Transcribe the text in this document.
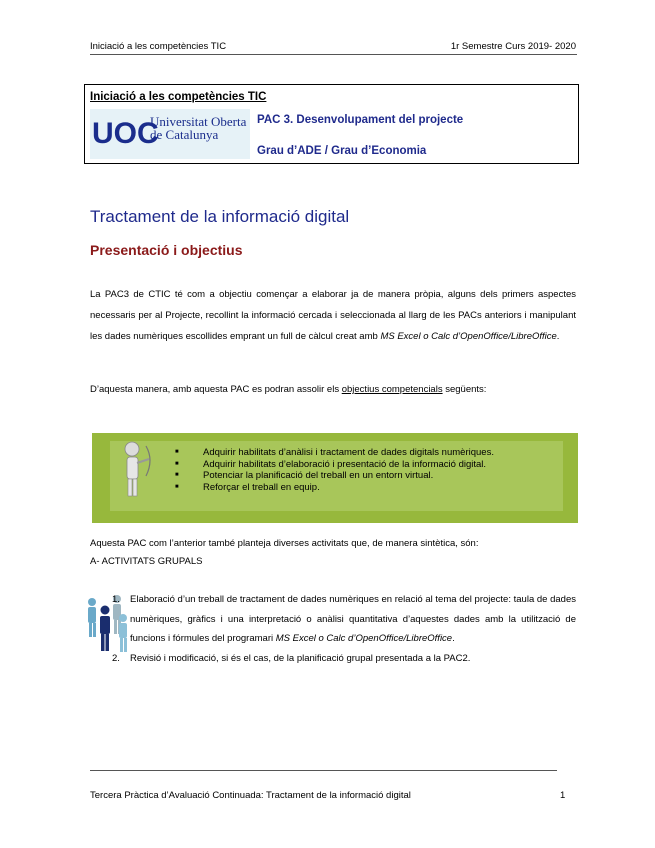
Iniciació a les competències TIC	1r Semestre Curs 2019- 2020
Iniciació a les competències TIC
UOC
Universitat Oberta
de Catalunya
PAC 3. Desenvolupament del projecte
Grau d’ADE / Grau d’Economia
Tractament de la informació digital
Presentació i objectius
La PAC3 de CTIC té com a objectiu començar a elaborar ja de manera pròpia, alguns dels primers aspectes necessaris per al Projecte, recollint la informació cercada i seleccionada al llarg de les PACs anteriors i manipulant les dades numèriques escollides emprant un full de càlcul creat amb MS Excel o Calc d’OpenOffice/LibreOffice.
D’aquesta manera, amb aquesta PAC es podran assolir els objectius competencials següents:
■ Adquirir habilitats d’anàlisi i tractament de dades digitals numèriques.
■ Adquirir habilitats d’elaboració i presentació de la informació digital.
■ Potenciar la planificació del treball en un entorn virtual.
■ Reforçar el treball en equip.
Aquesta PAC com l’anterior també planteja diverses activitats que, de manera sintètica, són:
A- ACTIVITATS GRUPALS
1. Elaboració d’un treball de tractament de dades numèriques en relació al tema del projecte: taula de dades numèriques, gràfics i una interpretació o anàlisi quantitativa d’aquestes dades amb la utilització de funcions i fórmules del programari MS Excel o Calc d’OpenOffice/LibreOffice.
2. Revisió i modificació, si és el cas, de la planificació grupal presentada a la PAC2.
Tercera Pràctica d’Avaluació Continuada: Tractament de la informació digital	1
